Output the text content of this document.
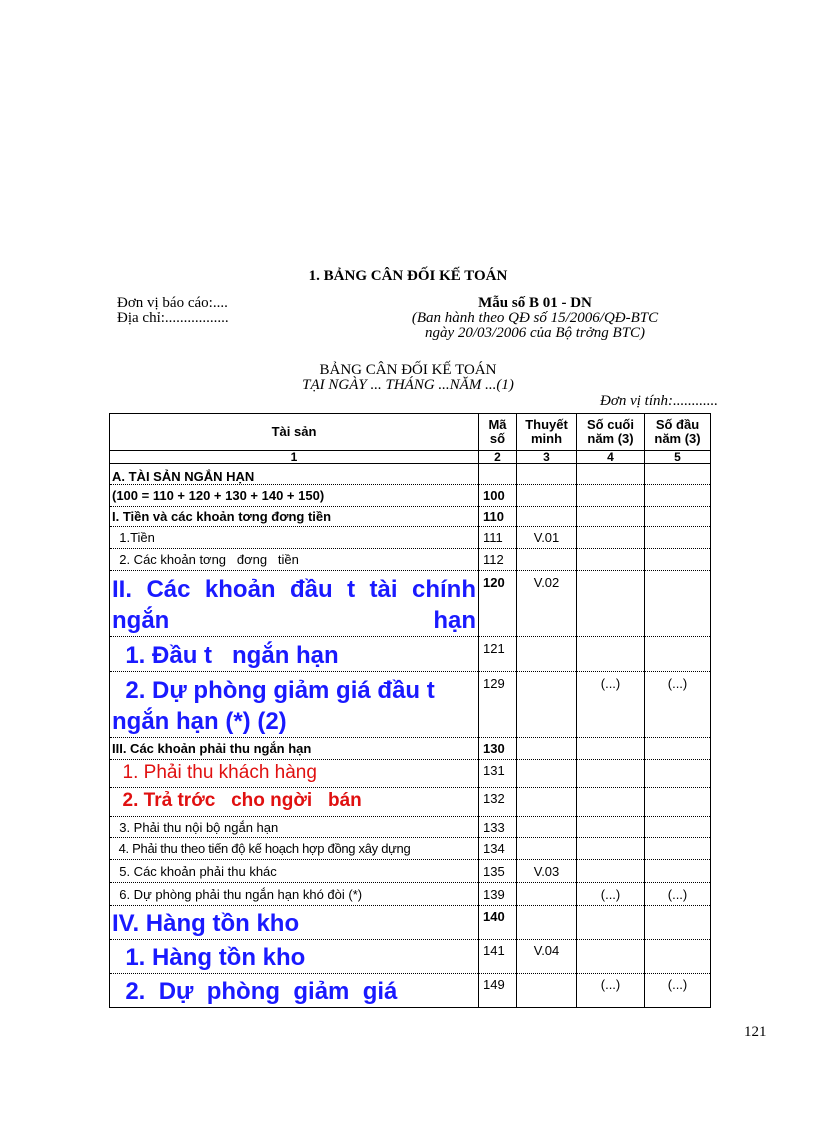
1. BẢNG CÂN ĐỐI KẾ TOÁN
Đơn vị báo cáo:....
Địa chỉ:.................
Mẫu số B 01 - DN
(Ban hành theo QĐ số 15/2006/QĐ-BTC
ngày 20/03/2006 của Bộ trởng BTC)
BẢNG CÂN ĐỐI KẾ TOÁN
TẠI NGÀY ... THÁNG ...NĂM ...(1)
Đơn vị tính:............
Tài sản	Mã số	Thuyết minh	Số cuối năm (3)	Số đầu năm (3)
1	2	3	4	5
A. TÀI SẢN NGẮN HẠN				
(100 = 110 + 120 + 130 + 140 + 150)	100			
I. Tiền và các khoản tơng đơng tiền	110			
1.Tiền	111	V.01		
2. Các khoản tơng   đơng   tiền	112			
II. Các khoản đầu t tài chính ngắn hạn	120	V.02		
1. Đầu t   ngắn hạn	121			
2. Dự phòng giảm giá đầu t   ngắn hạn (*) (2)	129		(...)	(...)
III. Các khoản phải thu ngắn hạn	130			
1. Phải thu khách hàng	131			
2. Trả trớc   cho ngời   bán	132			
3. Phải thu nội bộ ngắn hạn	133			
4. Phải thu theo tiến độ kế hoạch hợp đồng xây dựng	134			
5. Các khoản phải thu khác	135	V.03		
6. Dự phòng phải thu ngắn hạn khó đòi (*)	139		(...)	(...)
IV. Hàng tồn kho	140			
1. Hàng tồn kho	141	V.04		
2.  Dự  phòng  giảm  giá	149		(...)	(...)
121
